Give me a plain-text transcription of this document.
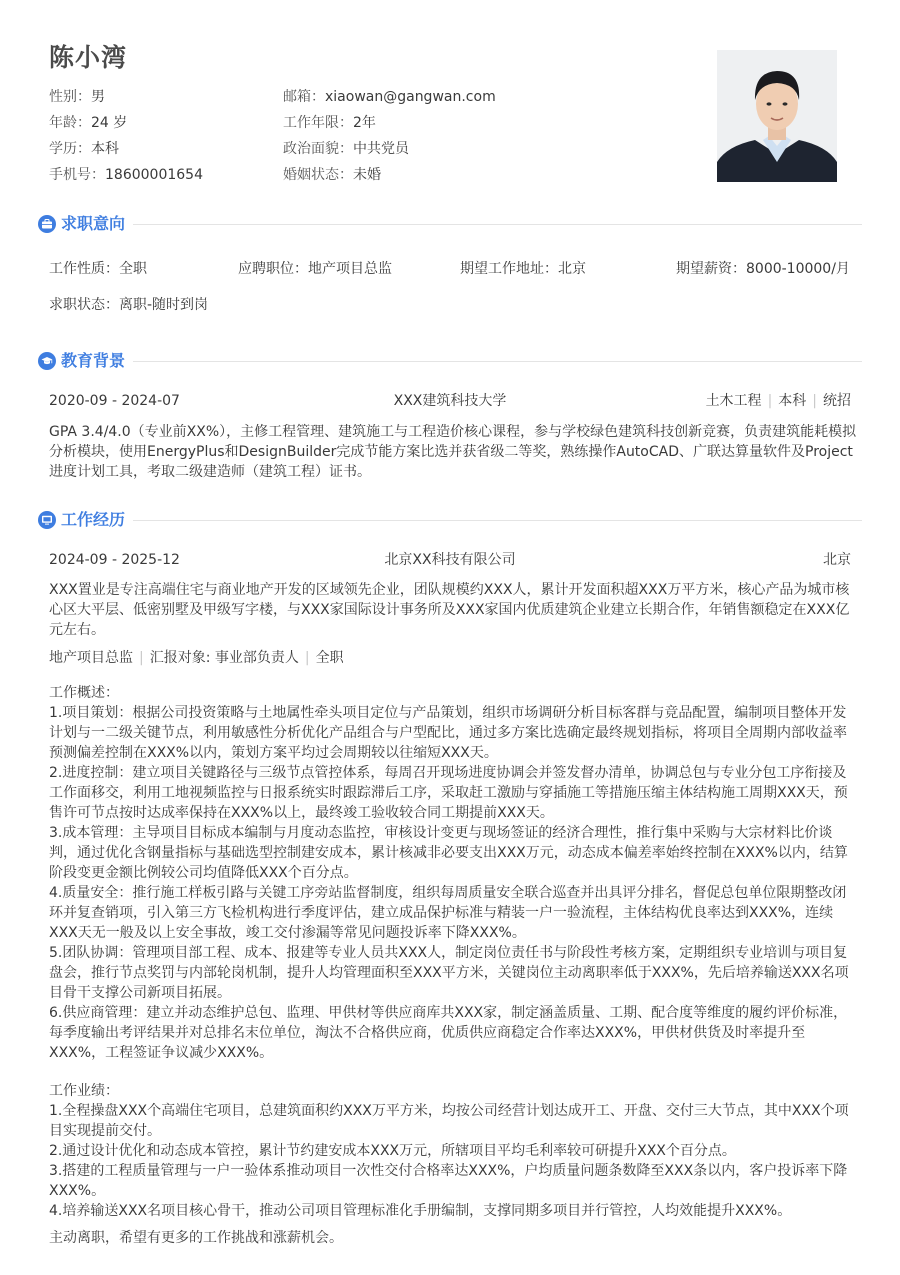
陈小湾
性别：男	邮箱：xiaowan@gangwan.com
年龄：24 岁	工作年限：2年
学历：本科	政治面貌：中共党员
手机号：18600001654	婚姻状态：未婚
求职意向
工作性质：全职	应聘职位：地产项目总监	期望工作地址：北京	期望薪资：8000-10000/月
求职状态：离职-随时到岗
教育背景
2020-09 - 2024-07	XXX建筑科技大学	土木工程 | 本科 | 统招
GPA 3.4/4.0（专业前XX%），主修工程管理、建筑施工与工程造价核心课程，参与学校绿色建筑科技创新竞赛，负责建筑能耗模拟分析模块，使用EnergyPlus和DesignBuilder完成节能方案比选并获省级二等奖，熟练操作AutoCAD、广联达算量软件及Project进度计划工具，考取二级建造师（建筑工程）证书。
工作经历
2024-09 - 2025-12	北京XX科技有限公司	北京
XXX置业是专注高端住宅与商业地产开发的区域领先企业，团队规模约XXX人，累计开发面积超XXX万平方米，核心产品为城市核心区大平层、低密别墅及甲级写字楼，与XXX家国际设计事务所及XXX家国内优质建筑企业建立长期合作，年销售额稳定在XXX亿元左右。
地产项目总监 | 汇报对象: 事业部负责人 | 全职
工作概述：
1.项目策划：根据公司投资策略与土地属性牵头项目定位与产品策划，组织市场调研分析目标客群与竞品配置，编制项目整体开发计划与一二级关键节点，利用敏感性分析优化产品组合与户型配比，通过多方案比选确定最终规划指标，将项目全周期内部收益率预测偏差控制在XXX%以内，策划方案平均过会周期较以往缩短XXX天。
2.进度控制：建立项目关键路径与三级节点管控体系，每周召开现场进度协调会并签发督办清单，协调总包与专业分包工序衔接及工作面移交，利用工地视频监控与日报系统实时跟踪滞后工序，采取赶工激励与穿插施工等措施压缩主体结构施工周期XXX天，预售许可节点按时达成率保持在XXX%以上，最终竣工验收较合同工期提前XXX天。
3.成本管理：主导项目目标成本编制与月度动态监控，审核设计变更与现场签证的经济合理性，推行集中采购与大宗材料比价谈判，通过优化含钢量指标与基础选型控制建安成本，累计核减非必要支出XXX万元，动态成本偏差率始终控制在XXX%以内，结算阶段变更金额比例较公司均值降低XXX个百分点。
4.质量安全：推行施工样板引路与关键工序旁站监督制度，组织每周质量安全联合巡查并出具评分排名，督促总包单位限期整改闭环并复查销项，引入第三方飞检机构进行季度评估，建立成品保护标准与精装一户一验流程，主体结构优良率达到XXX%，连续XXX天无一般及以上安全事故，竣工交付渗漏等常见问题投诉率下降XXX%。
5.团队协调：管理项目部工程、成本、报建等专业人员共XXX人，制定岗位责任书与阶段性考核方案，定期组织专业培训与项目复盘会，推行节点奖罚与内部轮岗机制，提升人均管理面积至XXX平方米，关键岗位主动离职率低于XXX%，先后培养输送XXX名项目骨干支撑公司新项目拓展。
6.供应商管理：建立并动态维护总包、监理、甲供材等供应商库共XXX家，制定涵盖质量、工期、配合度等维度的履约评价标准，每季度输出考评结果并对总排名末位单位，淘汰不合格供应商，优质供应商稳定合作率达XXX%，甲供材供货及时率提升至XXX%，工程签证争议减少XXX%。
工作业绩：
1.全程操盘XXX个高端住宅项目，总建筑面积约XXX万平方米，均按公司经营计划达成开工、开盘、交付三大节点，其中XXX个项目实现提前交付。
2.通过设计优化和动态成本管控，累计节约建安成本XXX万元，所辖项目平均毛利率较可研提升XXX个百分点。
3.搭建的工程质量管理与一户一验体系推动项目一次性交付合格率达XXX%，户均质量问题条数降至XXX条以内，客户投诉率下降XXX%。
4.培养输送XXX名项目核心骨干，推动公司项目管理标准化手册编制，支撑同期多项目并行管控，人均效能提升XXX%。
主动离职，希望有更多的工作挑战和涨薪机会。
